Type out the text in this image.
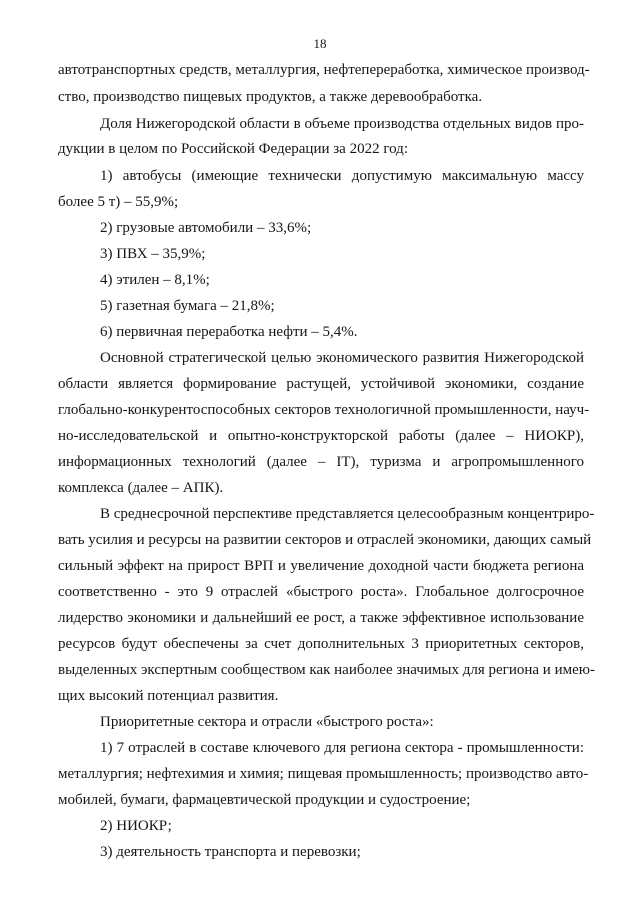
18
автотранспортных средств, металлургия, нефтепереработка, химическое производ-
ство, производство пищевых продуктов, а также деревообработка.
Доля Нижегородской области в объеме производства отдельных видов про-
дукции в целом по Российской Федерации за 2022 год:
1) автобусы (имеющие технически допустимую максимальную массу
более 5 т) – 55,9%;
2) грузовые автомобили – 33,6%;
3) ПВХ – 35,9%;
4) этилен – 8,1%;
5) газетная бумага – 21,8%;
6) первичная переработка нефти – 5,4%.
Основной стратегической целью экономического развития Нижегородской
области является формирование растущей, устойчивой экономики, создание
глобально-конкурентоспособных секторов технологичной промышленности, науч-
но-исследовательской и опытно-конструкторской работы (далее – НИОКР),
информационных технологий (далее – IT), туризма и агропромышленного
комплекса (далее – АПК).
В среднесрочной перспективе представляется целесообразным концентриро-
вать усилия и ресурсы на развитии секторов и отраслей экономики, дающих самый
сильный эффект на прирост ВРП и увеличение доходной части бюджета региона
соответственно - это 9 отраслей «быстрого роста». Глобальное долгосрочное
лидерство экономики и дальнейший ее рост, а также эффективное использование
ресурсов будут обеспечены за счет дополнительных 3 приоритетных секторов,
выделенных экспертным сообществом как наиболее значимых для региона и имею-
щих высокий потенциал развития.
Приоритетные сектора и отрасли «быстрого роста»:
1) 7 отраслей в составе ключевого для региона сектора - промышленности:
металлургия; нефтехимия и химия; пищевая промышленность; производство авто-
мобилей, бумаги, фармацевтической продукции и судостроение;
2) НИОКР;
3) деятельность транспорта и перевозки;
